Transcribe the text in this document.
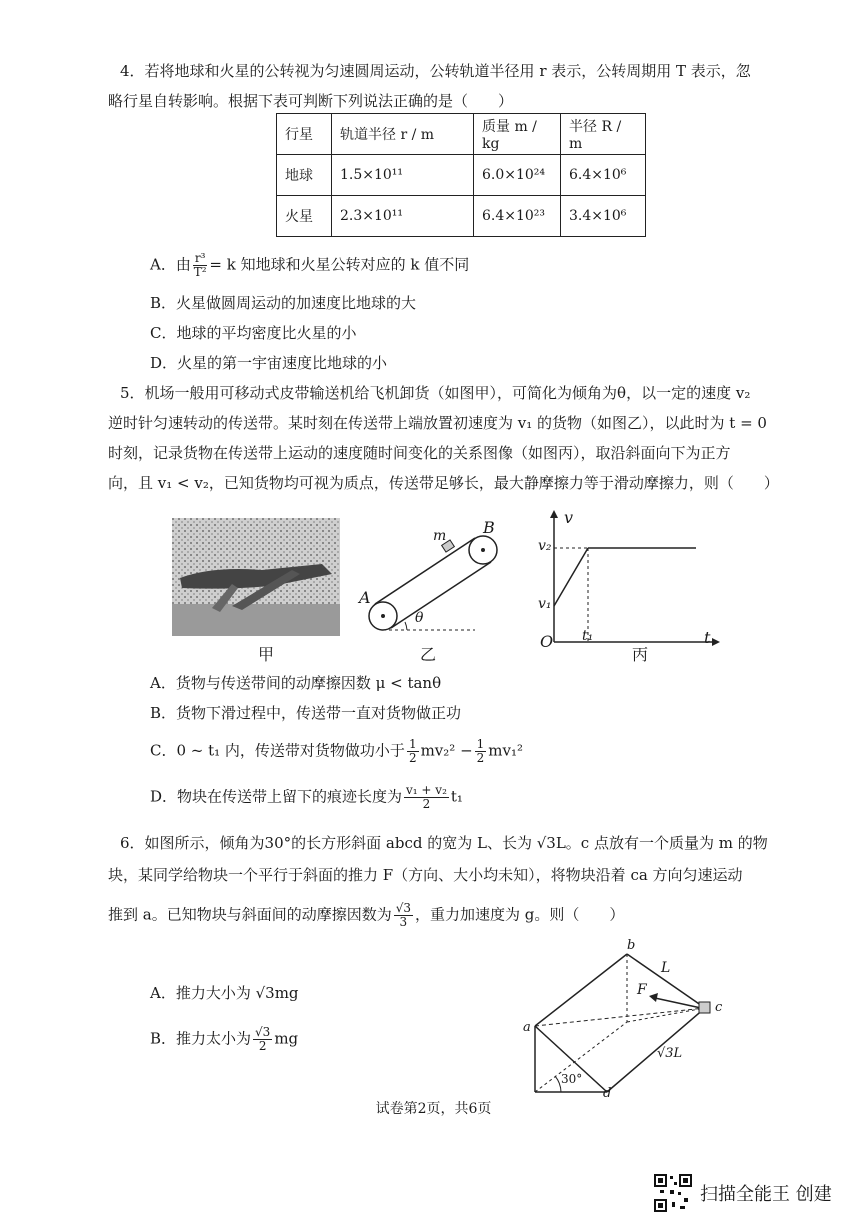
4．若将地球和火星的公转视为匀速圆周运动，公转轨道半径用 r 表示，公转周期用 T 表示，忽
略行星自转影响。根据下表可判断下列说法正确的是（　　）
行星	轨道半径 r / m	质量 m / kg	半径 R / m
地球	1.5×10¹¹	6.0×10²⁴	6.4×10⁶
火星	2.3×10¹¹	6.4×10²³	3.4×10⁶
A．由 $\frac{\text{r³}}{\text{T²}} = k$ 知地球和火星公转对应的 k 值不同
B．火星做圆周运动的加速度比地球的大
C．地球的平均密度比火星的小
D．火星的第一宇宙速度比地球的小
5．机场一般用可移动式皮带输送机给飞机卸货（如图甲），可简化为倾角为θ，以一定的速度 v₂
逆时针匀速转动的传送带。某时刻在传送带上端放置初速度为 v₁ 的货物（如图乙），以此时为 t = 0
时刻，记录货物在传送带上运动的速度随时间变化的关系图像（如图丙），取沿斜面向下为正方
向，且 v₁ < v₂，已知货物均可视为质点，传送带足够长，最大静摩擦力等于滑动摩擦力，则（　　）
甲
A
B
m
θ
乙
v
v₂
v₁
O t₁	t
丙
A．货物与传送带间的动摩擦因数 μ < tanθ
B．货物下滑过程中，传送带一直对货物做正功
C．0 ~ t₁ 内，传送带对货物做功小于 $\frac{1}{2} mv_2^2 - \frac{1}{2} mv_1^2$
D．物块在传送带上留下的痕迹长度为 $\frac{\text{v₁ + v₂}}{2} t_1$
6．如图所示，倾角为30°的长方形斜面 abcd 的宽为 L、长为 √3L。c 点放有一个质量为 m 的物
块，某同学给物块一个平行于斜面的推力 F（方向、大小均未知），将物块沿着 ca 方向匀速运动
推到 a。已知物块与斜面间的动摩擦因数为 $\frac{√3}{3}$ ，重力加速度为 g。则（　　）
A．推力大小为 √3mg
B．推力太小为 $\frac{√3}{2}$ mg
b
a
c
d
L
√3L
30°
F
试卷第2页，共6页
扫描全能王 创建
